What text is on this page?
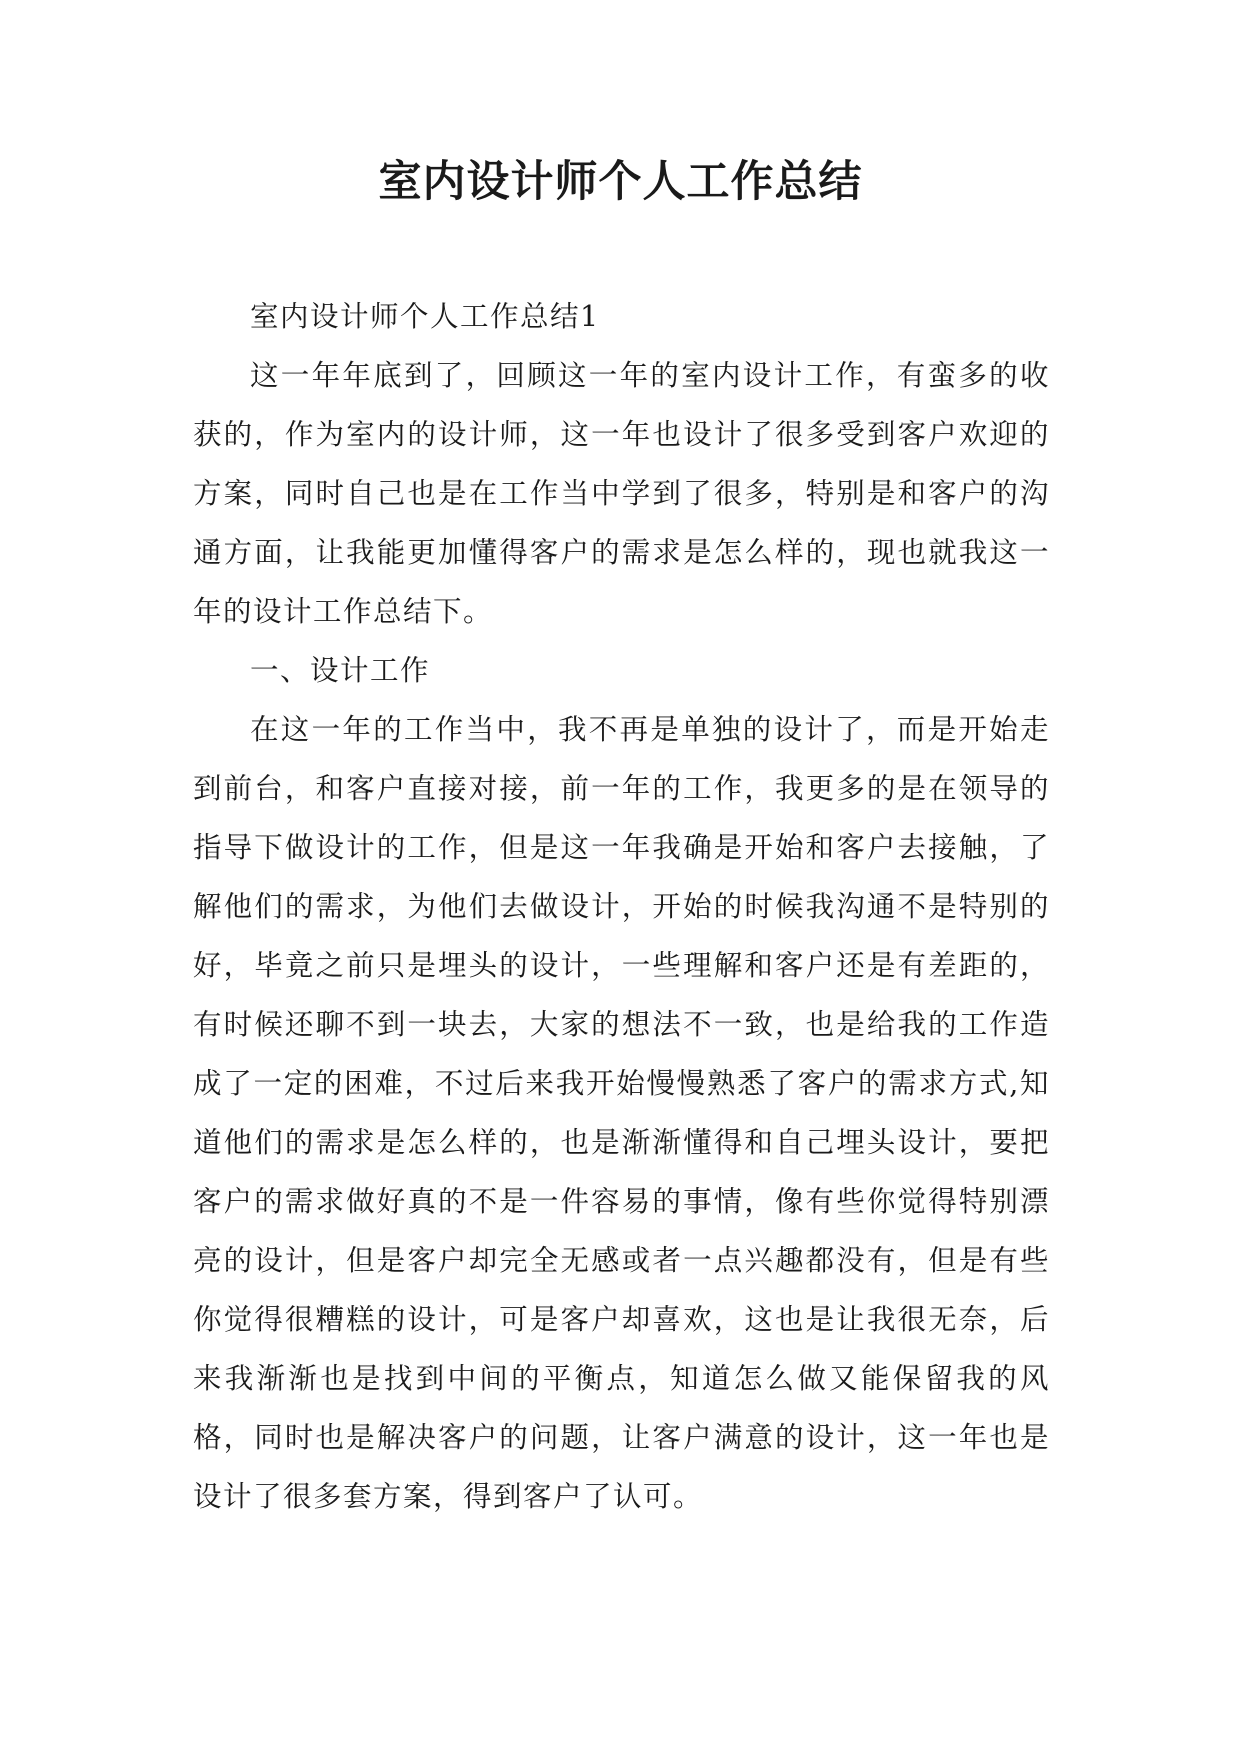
室内设计师个人工作总结

室内设计师个人工作总结1

这一年年底到了，回顾这一年的室内设计工作，有蛮多的收获的，作为室内的设计师，这一年也设计了很多受到客户欢迎的方案，同时自己也是在工作当中学到了很多，特别是和客户的沟通方面，让我能更加懂得客户的需求是怎么样的，现也就我这一年的设计工作总结下。

一、设计工作

在这一年的工作当中，我不再是单独的设计了，而是开始走到前台，和客户直接对接，前一年的工作，我更多的是在领导的指导下做设计的工作，但是这一年我确是开始和客户去接触，了解他们的需求，为他们去做设计，开始的时候我沟通不是特别的好，毕竟之前只是埋头的设计，一些理解和客户还是有差距的，有时候还聊不到一块去，大家的想法不一致，也是给我的工作造成了一定的困难，不过后来我开始慢慢熟悉了客户的需求方式,知道他们的需求是怎么样的，也是渐渐懂得和自己埋头设计，要把客户的需求做好真的不是一件容易的事情，像有些你觉得特别漂亮的设计，但是客户却完全无感或者一点兴趣都没有，但是有些你觉得很糟糕的设计，可是客户却喜欢，这也是让我很无奈，后来我渐渐也是找到中间的平衡点，知道怎么做又能保留我的风格，同时也是解决客户的问题，让客户满意的设计，这一年也是设计了很多套方案，得到客户了认可。
